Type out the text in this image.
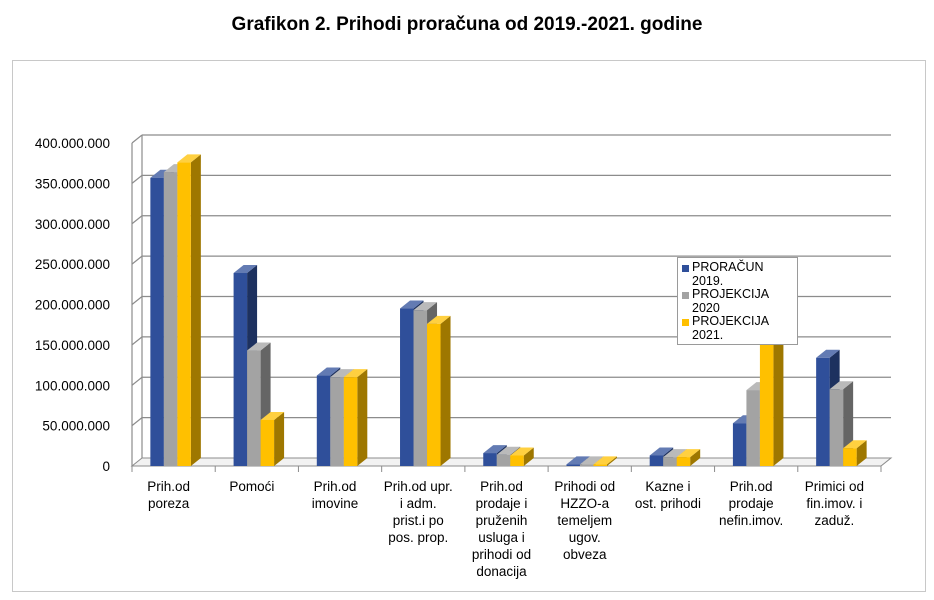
Grafikon 2. Prihodi proračuna od 2019.-2021. godine
0
50.000.000
100.000.000
150.000.000
200.000.000
250.000.000
300.000.000
350.000.000
400.000.000
Prih.od
poreza
Pomoći	Prih.od
imovine
Prih.od upr.
i adm.
prist.i po
pos. prop.
Prih.od
prodaje i
pruženih
usluga i
prihodi od
donacija
Prihodi od
HZZO-a
temeljem
ugov.
obveza
Kazne i
ost. prihodi
Prih.od
prodaje
nefin.imov.
Primici od
fin.imov. i
zaduž.
PRORAČUN 2019.
PROJEKCIJA 2020
PROJEKCIJA 2021.
